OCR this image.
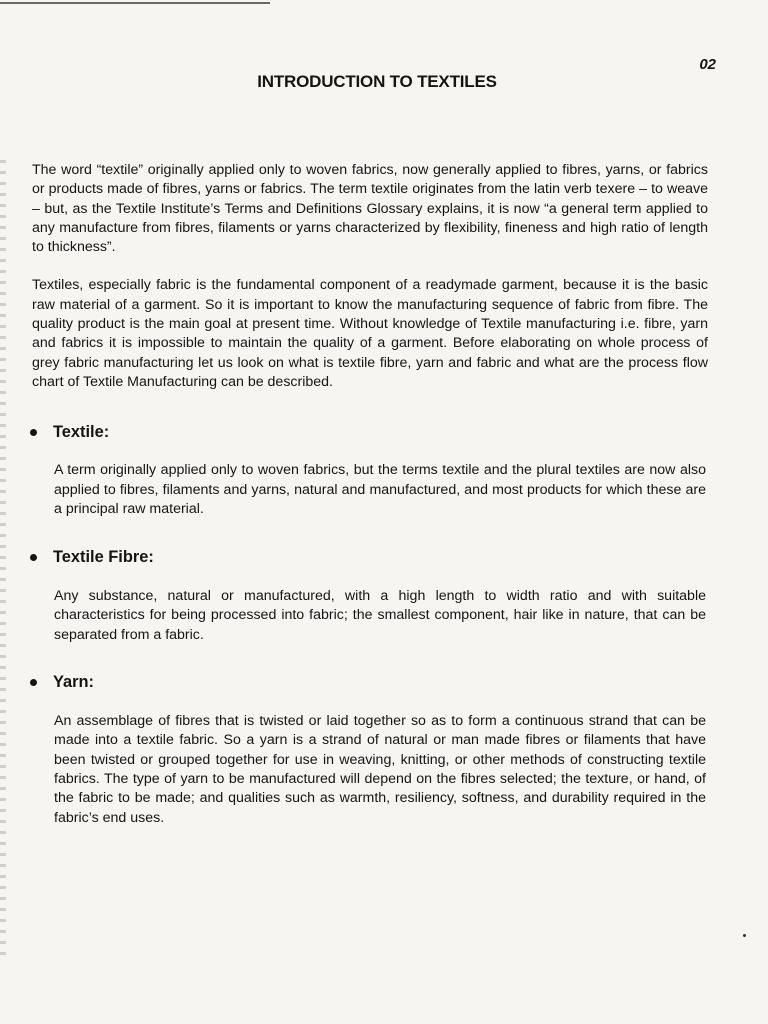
02
INTRODUCTION TO TEXTILES

The word “textile” originally applied only to woven fabrics, now generally applied to fibres, yarns, or fabrics or products made of fibres, yarns or fabrics. The term textile originates from the latin verb texere – to weave – but, as the Textile Institute’s Terms and Definitions Glossary explains, it is now “a general term applied to any manufacture from fibres, filaments or yarns characterized by flexibility, fineness and high ratio of length to thickness”.

Textiles, especially fabric is the fundamental component of a readymade garment, because it is the basic raw material of a garment. So it is important to know the manufacturing sequence of fabric from fibre. The quality product is the main goal at present time. Without knowledge of Textile manufacturing i.e. fibre, yarn and fabrics it is impossible to maintain the quality of a garment. Before elaborating on whole process of grey fabric manufacturing let us look on what is textile fibre, yarn and fabric and what are the process flow chart of Textile Manufacturing can be described.

Textile:

A term originally applied only to woven fabrics, but the terms textile and the plural textiles are now also applied to fibres, filaments and yarns, natural and manufactured, and most products for which these are a principal raw material.

Textile Fibre:

Any substance, natural or manufactured, with a high length to width ratio and with suitable characteristics for being processed into fabric; the smallest component, hair like in nature, that can be separated from a fabric.

Yarn:

An assemblage of fibres that is twisted or laid together so as to form a continuous strand that can be made into a textile fabric. So a yarn is a strand of natural or man made fibres or filaments that have been twisted or grouped together for use in weaving, knitting, or other methods of constructing textile fabrics. The type of yarn to be manufactured will depend on the fibres selected; the texture, or hand, of the fabric to be made; and qualities such as warmth, resiliency, softness, and durability required in the fabric’s end uses.
